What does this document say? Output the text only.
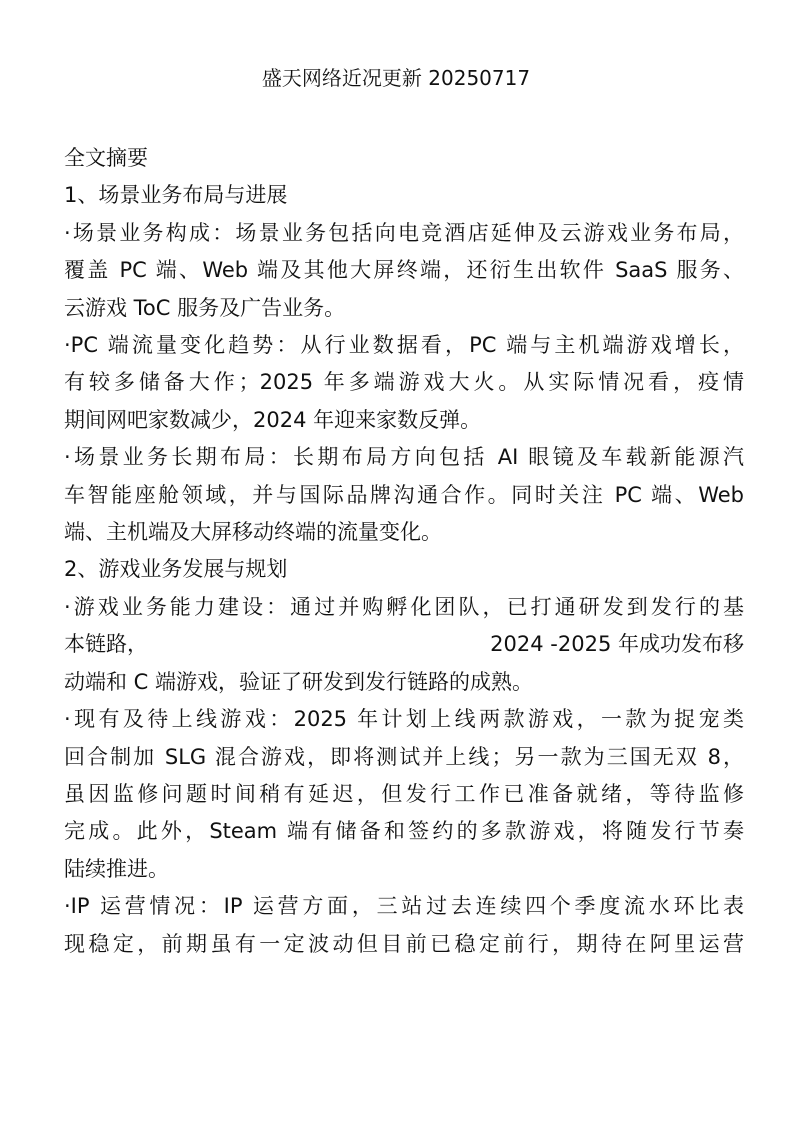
盛天网络近况更新 20250717

全文摘要

1、场景业务布局与进展

·场景业务构成：场景业务包括向电竞酒店延伸及云游戏业务布局，

覆盖 PC 端、Web 端及其他大屏终端，还衍生出软件 SaaS 服务、

云游戏 ToC 服务及广告业务。

·PC 端流量变化趋势：从行业数据看，PC 端与主机端游戏增长，

有较多储备大作；2025 年多端游戏大火。从实际情况看，疫情

期间网吧家数减少，2024 年迎来家数反弹。

·场景业务长期布局：长期布局方向包括 AI 眼镜及车载新能源汽

车智能座舱领域，并与国际品牌沟通合作。同时关注 PC 端、Web

端、主机端及大屏移动终端的流量变化。

2、游戏业务发展与规划

·游戏业务能力建设：通过并购孵化团队，已打通研发到发行的基

本链路，	2024 -2025 年成功发布移

动端和 C 端游戏，验证了研发到发行链路的成熟。

·现有及待上线游戏：2025 年计划上线两款游戏，一款为捉宠类

回合制加 SLG 混合游戏，即将测试并上线；另一款为三国无双 8，

虽因监修问题时间稍有延迟，但发行工作已准备就绪，等待监修

完成。此外，Steam 端有储备和签约的多款游戏，将随发行节奏

陆续推进。

·IP 运营情况：IP 运营方面，三站过去连续四个季度流水环比表

现稳定，前期虽有一定波动但目前已稳定前行，期待在阿里运营
